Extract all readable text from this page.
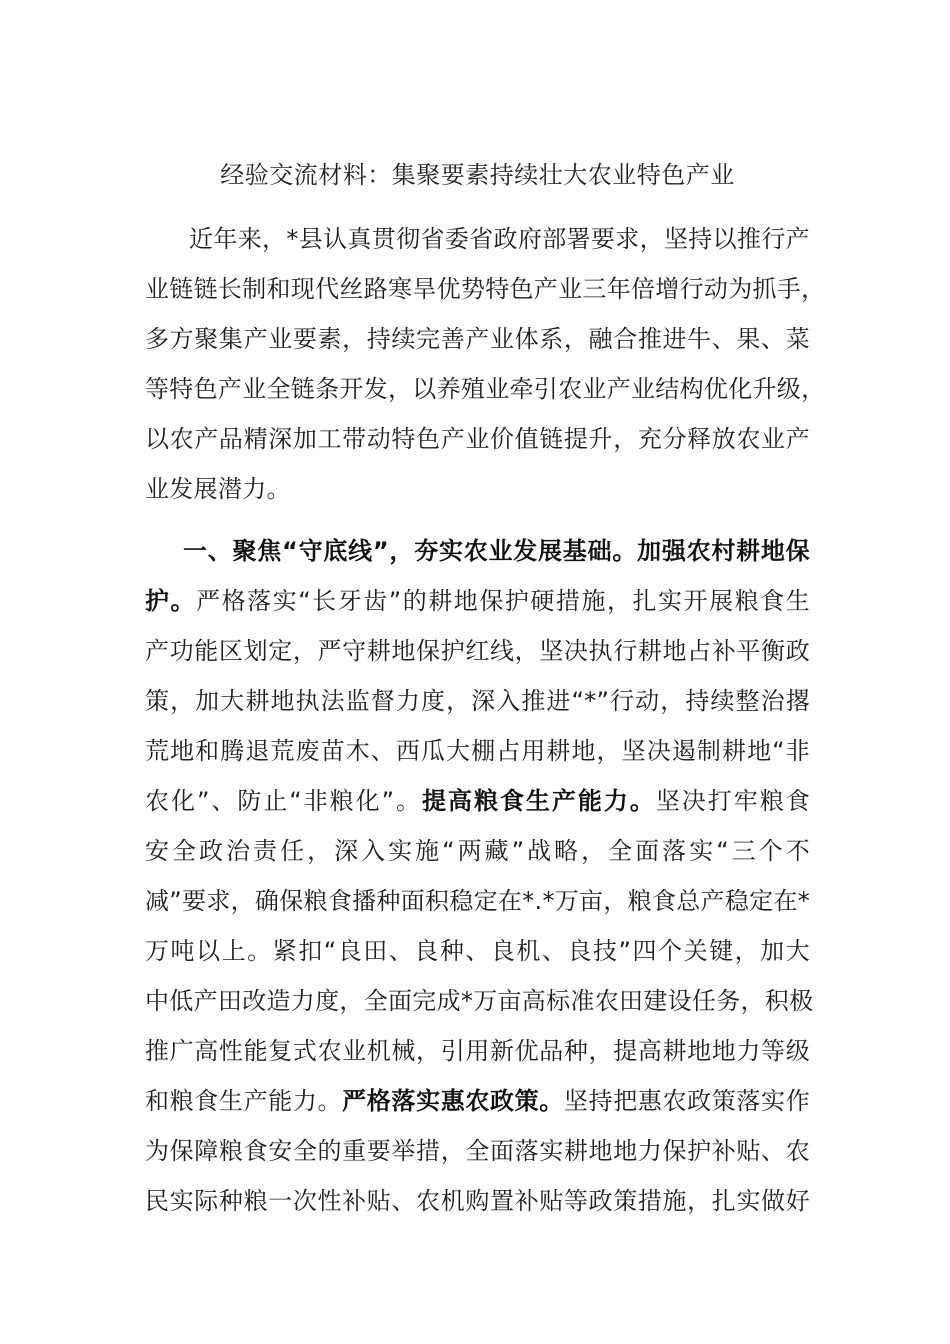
经验交流材料：集聚要素持续壮大农业特色产业
近年来，*县认真贯彻省委省政府部署要求，坚持以推行产
业链链长制和现代丝路寒旱优势特色产业三年倍增行动为抓手，
多方聚集产业要素，持续完善产业体系，融合推进牛、果、菜
等特色产业全链条开发，以养殖业牵引农业产业结构优化升级，
以农产品精深加工带动特色产业价值链提升，充分释放农业产
业发展潜力。
一、聚焦“守底线”，夯实农业发展基础。加强农村耕地保
护。严格落实“长牙齿”的耕地保护硬措施，扎实开展粮食生
产功能区划定，严守耕地保护红线，坚决执行耕地占补平衡政
策，加大耕地执法监督力度，深入推进“*”行动，持续整治撂
荒地和腾退荒废苗木、西瓜大棚占用耕地，坚决遏制耕地“非
农化”、防止“非粮化”。提高粮食生产能力。坚决打牢粮食
安全政治责任，深入实施“两藏”战略，全面落实“三个不
减”要求，确保粮食播种面积稳定在*.*万亩，粮食总产稳定在*
万吨以上。紧扣“良田、良种、良机、良技”四个关键，加大
中低产田改造力度，全面完成*万亩高标准农田建设任务，积极
推广高性能复式农业机械，引用新优品种，提高耕地地力等级
和粮食生产能力。严格落实惠农政策。坚持把惠农政策落实作
为保障粮食安全的重要举措，全面落实耕地地力保护补贴、农
民实际种粮一次性补贴、农机购置补贴等政策措施，扎实做好
